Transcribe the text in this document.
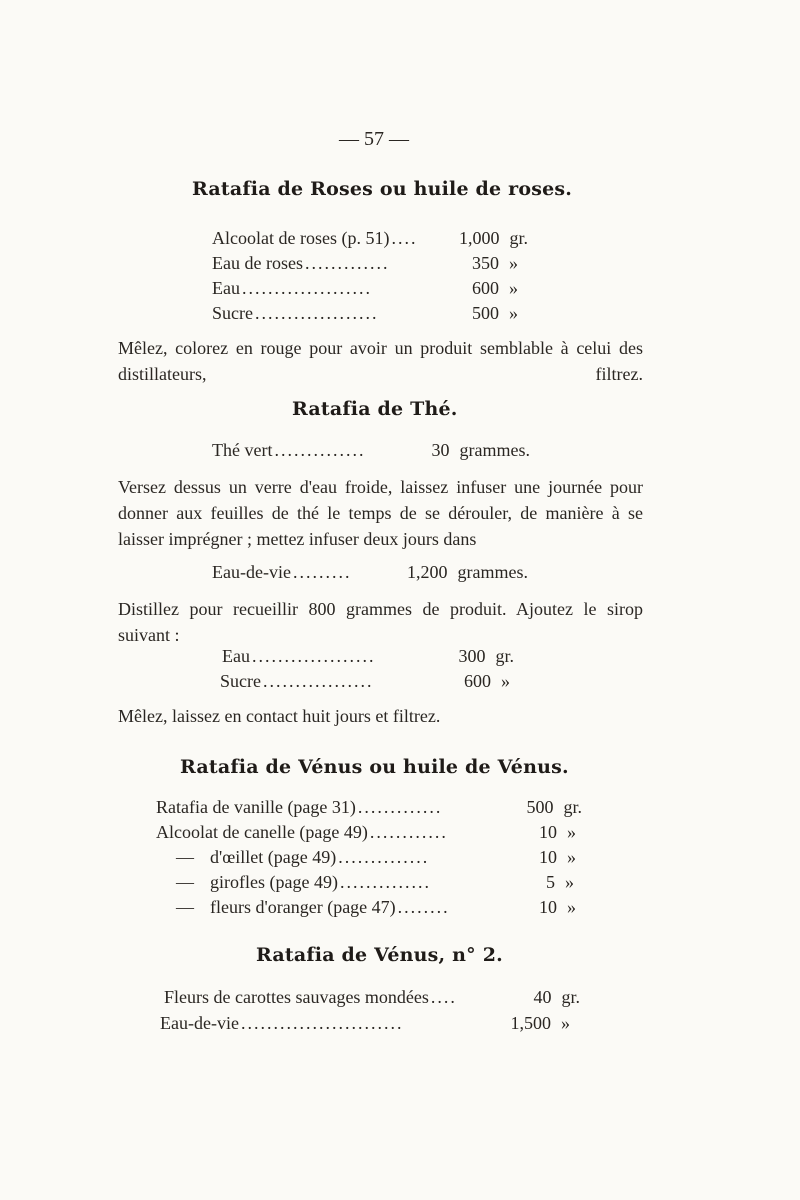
— 57 —
Ratafia de Roses ou huile de roses.
Alcoolat de roses (p. 51) ....	1,000 gr.
Eau de roses .............	350 »
Eau ....................	600 »
Sucre ...................	500 »
Mêlez, colorez en rouge pour avoir un produit semblable à celui des distillateurs, filtrez.
Ratafia de Thé.
Thé vert ..............	30 grammes.
Versez dessus un verre d'eau froide, laissez infuser une journée pour donner aux feuilles de thé le temps de se dérouler, de manière à se laisser imprégner ; mettez infuser deux jours dans
Eau-de-vie .........	1,200 grammes.
Distillez pour recueillir 800 grammes de produit. Ajoutez le sirop suivant :
Eau ...................	300 gr.
Sucre .................	600 »
Mêlez, laissez en contact huit jours et filtrez.
Ratafia de Vénus ou huile de Vénus.
Ratafia de vanille (page 31) .............	500 gr.
Alcoolat de canelle (page 49) ............	10 »
— d'œillet (page 49) ..............	10 »
— girofles (page 49) ..............	5 »
— fleurs d'oranger (page 47) ........	10 »
Ratafia de Vénus, n° 2.
Fleurs de carottes sauvages mondées ....	40 gr.
Eau-de-vie .........................	1,500 »
